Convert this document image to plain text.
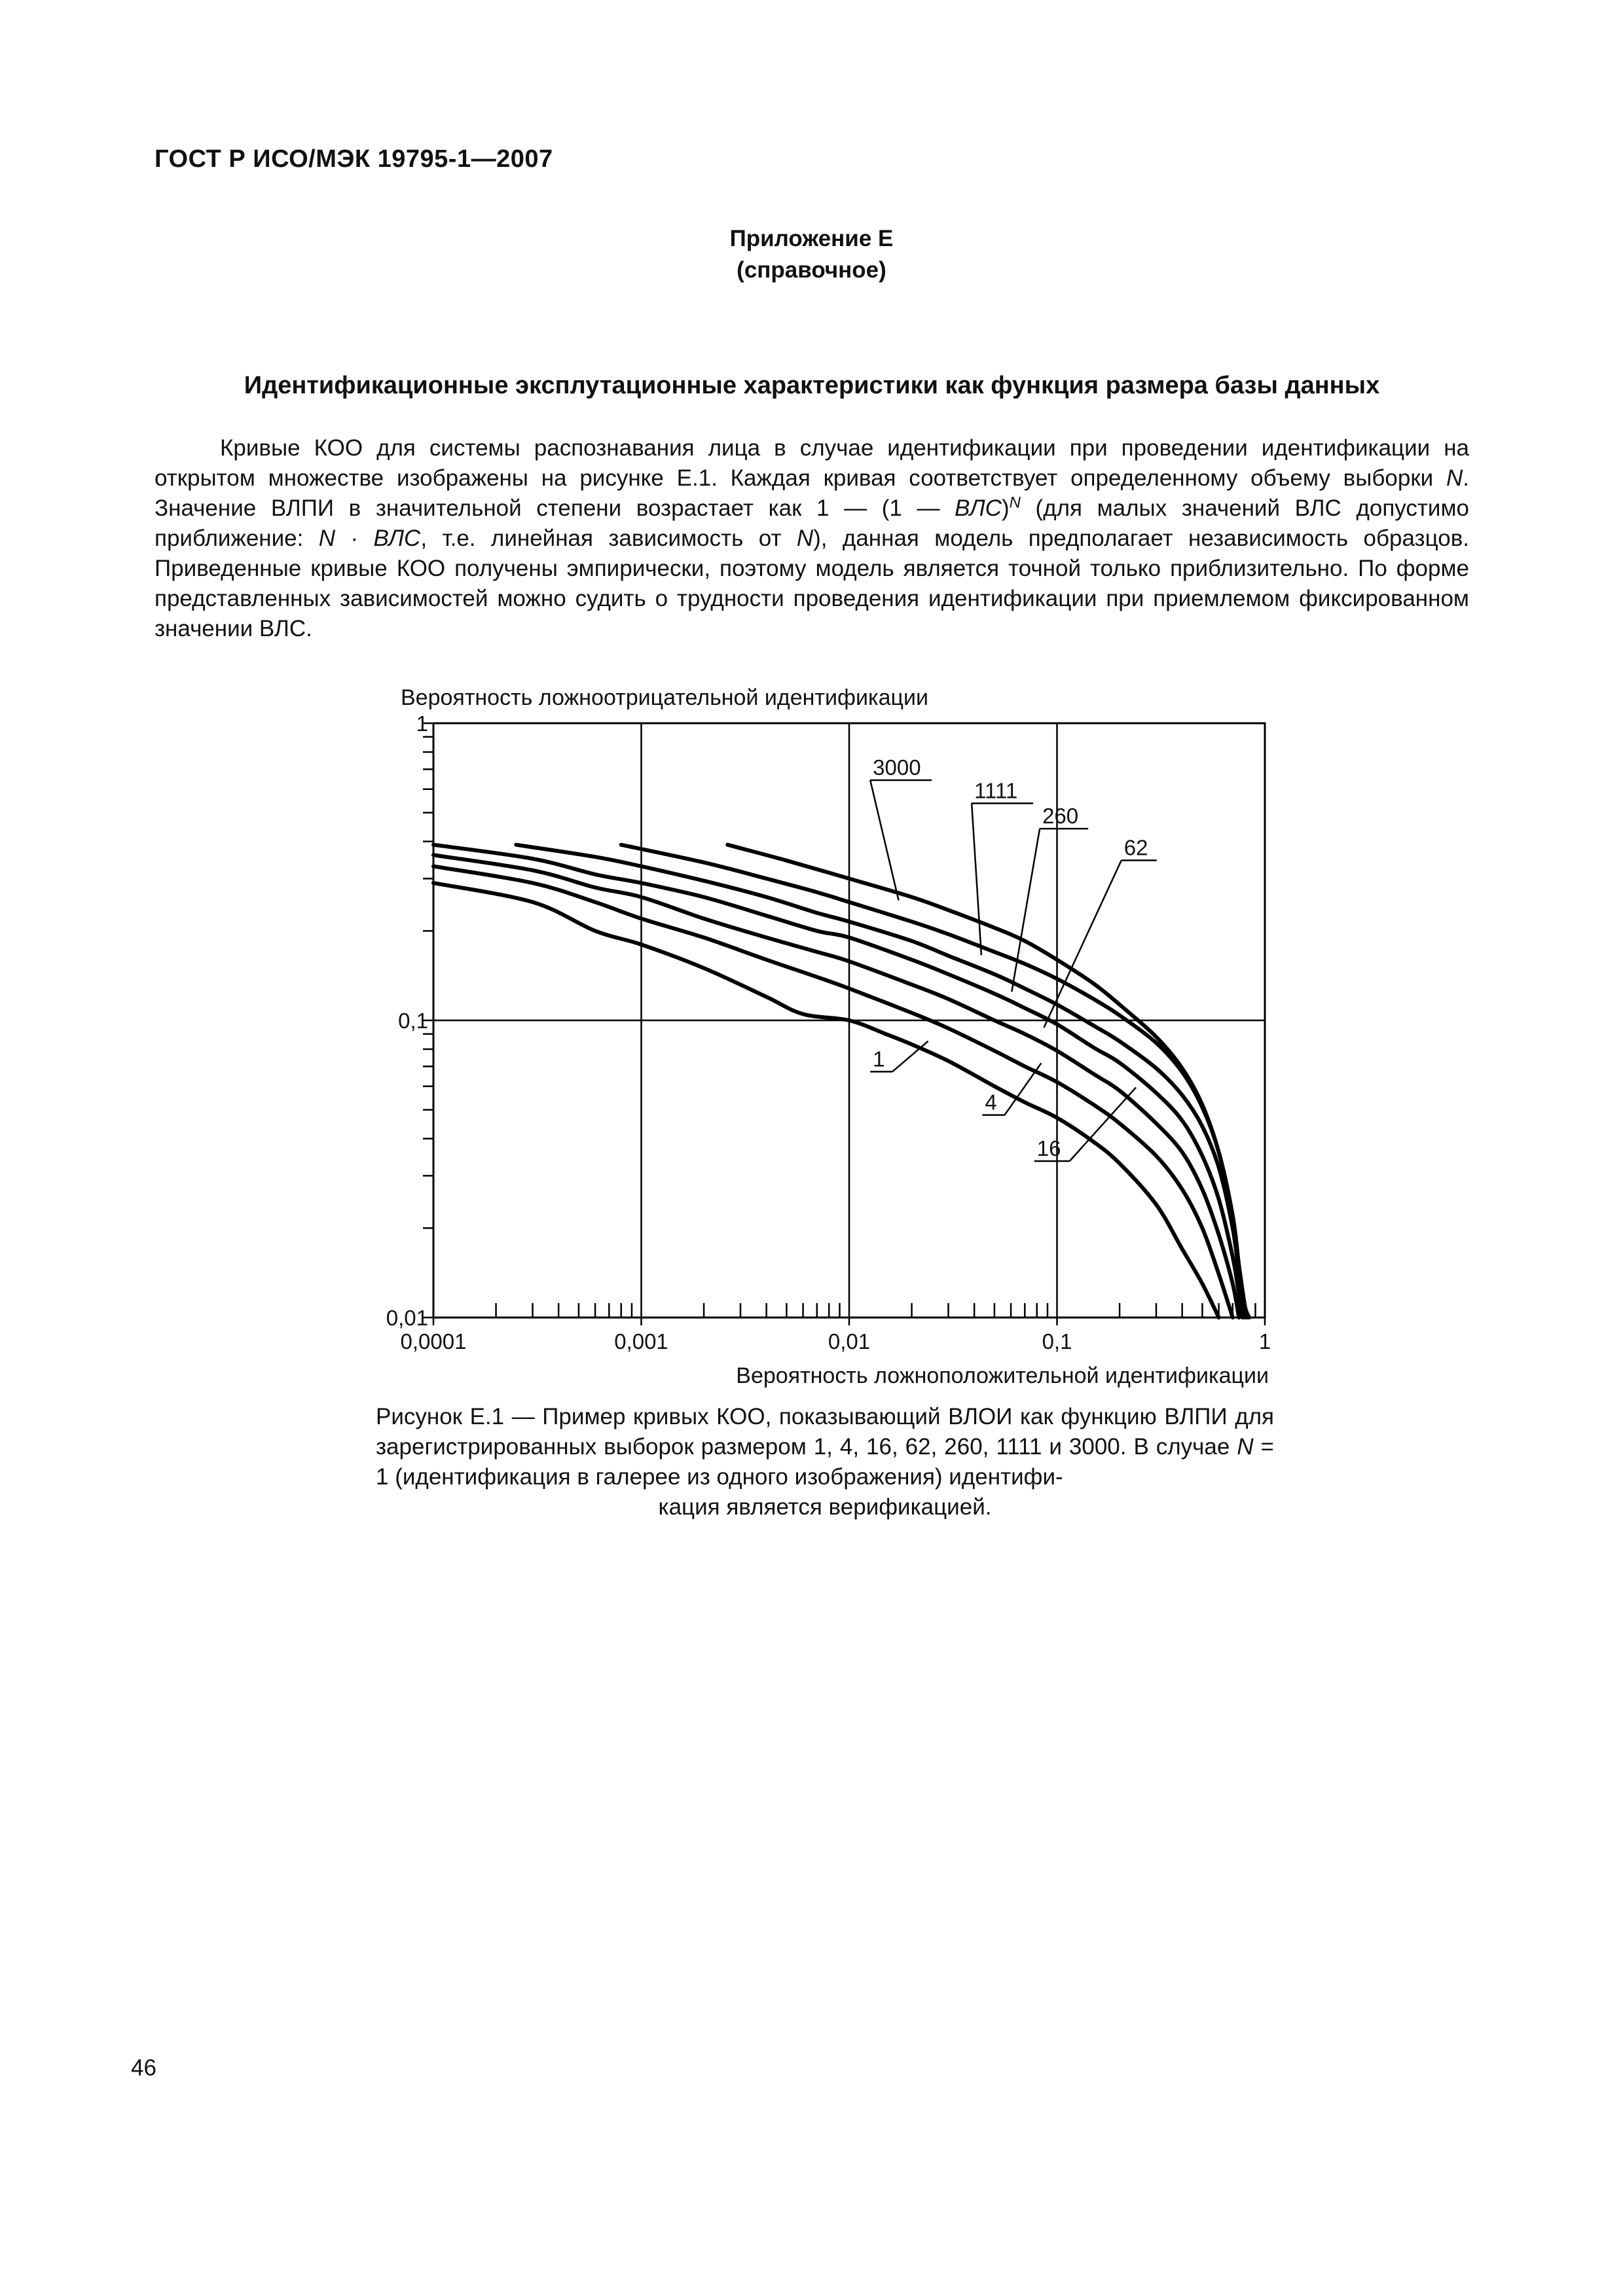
ГОСТ Р ИСО/МЭК 19795-1—2007
Приложение Е
(справочное)
Идентификационные эксплутационные характеристики как функция размера базы данных

Кривые КОО для системы распознавания лица в случае идентификации при проведении идентификации на открытом множестве изображены на рисунке Е.1. Каждая кривая соответствует определенному объему выборки N. Значение ВЛПИ в значительной степени возрастает как 1 — (1 — ВЛС)$^N$ (для малых значений ВЛС допустимо приближение: N · ВЛС, т.е. линейная зависимость от N), данная модель предполагает независимость образцов. Приведенные кривые КОО получены эмпирически, поэтому модель является точной только приблизительно. По форме представленных зависимостей можно судить о трудности проведения идентификации при приемлемом фиксированном значении ВЛС.

0,0001	0,001	0,01	0,1	1
0,01
0,1
1
1
4
16
62
260
1111
3000
Вероятность ложноотрицательной идентификации
Вероятность ложноположительной идентификации

Рисунок Е.1 — Пример кривых КОО, показывающий ВЛОИ как функцию ВЛПИ для зарегистрированных выборок размером 1, 4, 16, 62, 260, 1111 и 3000. В случае N = 1 (идентификация в галерее из одного изображения) идентифи-

кация является верификацией.

46
